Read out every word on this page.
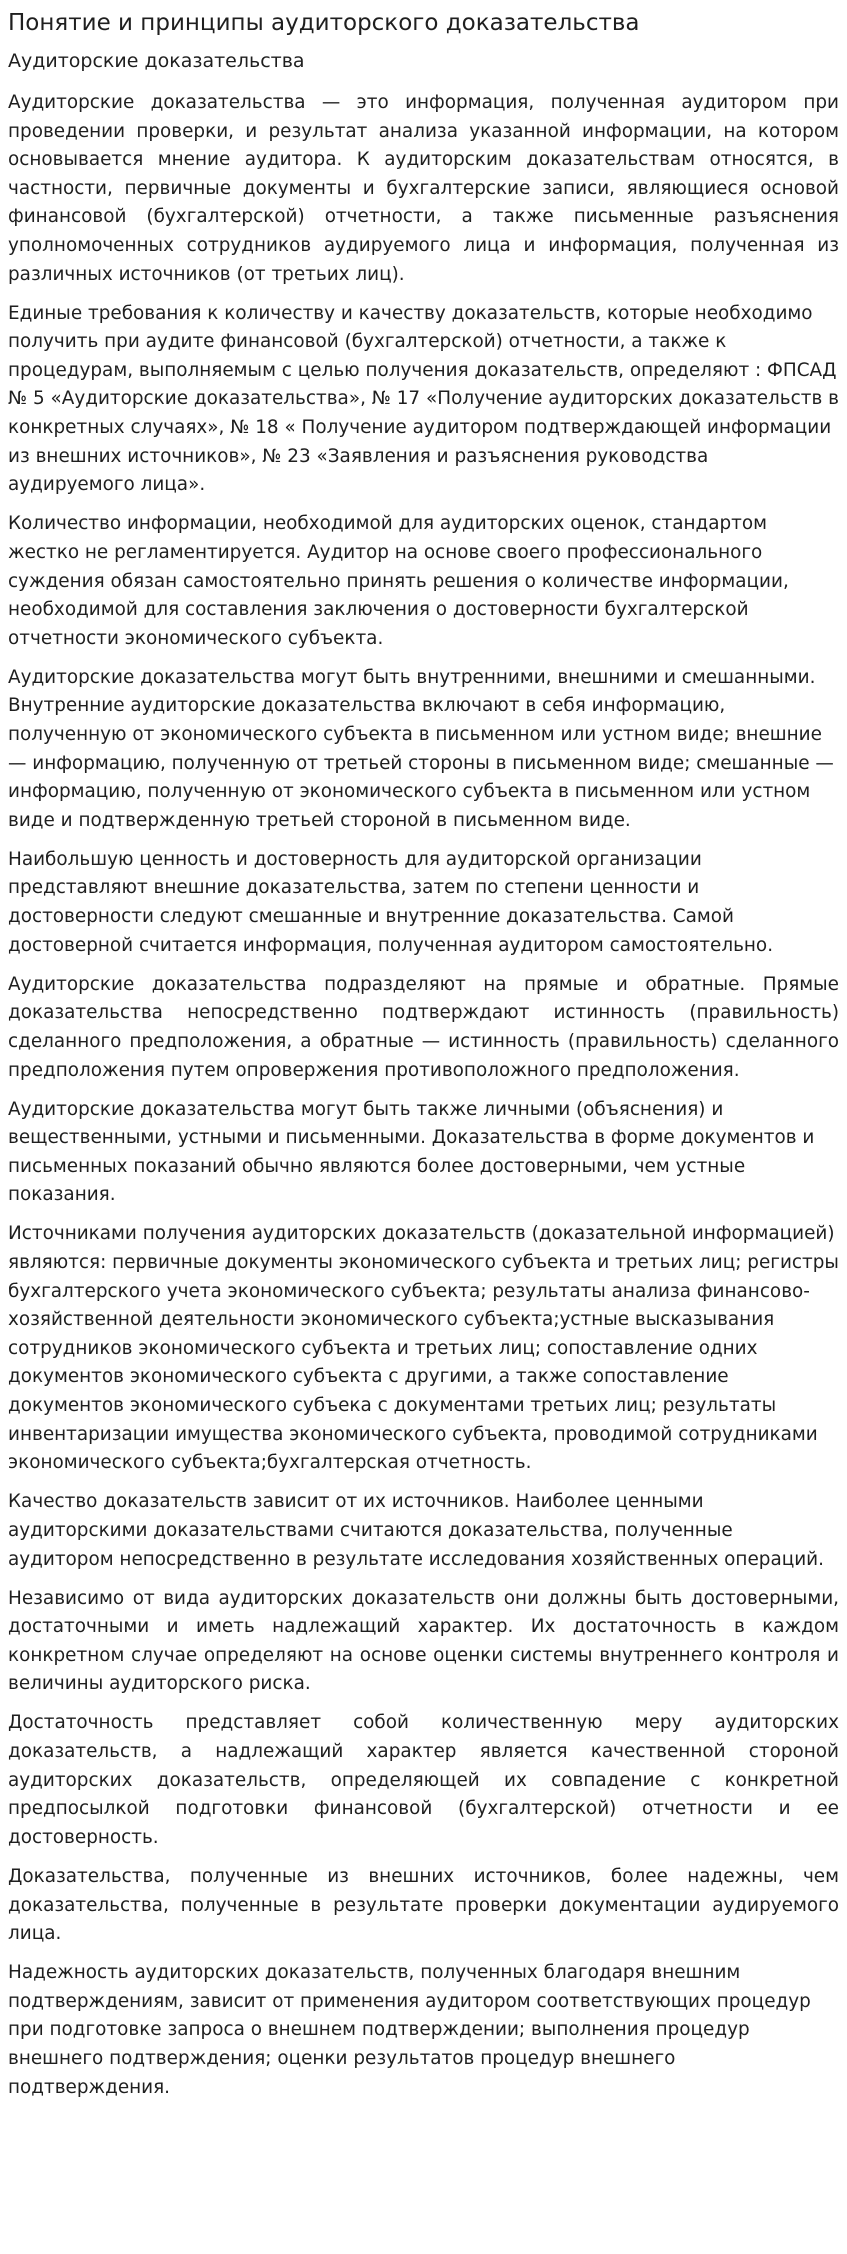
Понятие и принципы аудиторского доказательства
Аудиторские доказательства

Аудиторские доказательства — это информация, полученная аудитором при проведении проверки, и результат анализа указанной информации, на котором основывается мнение аудитора. К аудиторским доказательствам относятся, в частности, первичные документы и бухгалтерские записи, являющиеся основой финансовой (бухгалтерской) отчетности, а также письменные разъяснения уполномоченных сотрудников аудируемого лица и информация, полученная из различных источников (от третьих лиц).

Единые требования к количеству и качеству доказательств, которые необходимо получить при аудите финансовой (бухгалтерской) отчетности, а также к процедурам, выполняемым с целью получения доказательств, определяют : ФПСАД № 5 «Аудиторские доказательства», № 17 «Получение аудиторских доказательств в конкретных случаях», № 18 « Получение аудитором подтверждающей информации из внешних источников», № 23 «Заявления и разъяснения руководства аудируемого лица».

Количество информации, необходимой для аудиторских оценок, стандартом жестко не регламентируется. Аудитор на основе своего профессионального суждения обязан самостоятельно принять решения о количестве информации, необходимой для составления заключения о достоверности бухгалтерской отчетности экономического субъекта.

Аудиторские доказательства могут быть внутренними, внешними и смешанными. Внутренние аудиторские доказательства включают в себя информацию, полученную от экономического субъекта в письменном или устном виде; внешние — информацию, полученную от третьей стороны в письменном виде; смешанные — информацию, полученную от экономического субъекта в письменном или устном виде и подтвержденную третьей стороной в письменном виде.

Наибольшую ценность и достоверность для аудиторской организации представляют внешние доказательства, затем по степени ценности и достоверности следуют смешанные и внутренние доказательства. Самой достоверной считается информация, полученная аудитором самостоятельно.

Аудиторские доказательства подразделяют на прямые и обратные. Прямые доказательства непосредственно подтверждают истинность (правильность) сделанного предположения, а обратные — истинность (правильность) сделанного предположения путем опровержения противоположного предположения.

Аудиторские доказательства могут быть также личными (объяснения) и вещественными, устными и письменными. Доказательства в форме документов и письменных показаний обычно являются более достоверными, чем устные показания.

Источниками получения аудиторских доказательств (доказательной информацией) являются: первичные документы экономического субъекта и третьих лиц; регистры бухгалтерского учета экономического субъекта; результаты анализа финансово-хозяйственной деятельности экономического субъекта;устные высказывания сотрудников экономического субъекта и третьих лиц; сопоставление одних документов экономического субъекта с другими, а также сопоставление документов экономического субъека с документами третьих лиц; результаты инвентаризации имущества экономического субъекта, проводимой сотрудниками экономического субъекта;бухгалтерская отчетность.

Качество доказательств зависит от их источников. Наиболее ценными аудиторскими доказательствами считаются доказательства, полученные аудитором непосредственно в результате исследования хозяйственных операций.

Независимо от вида аудиторских доказательств они должны быть достоверными, достаточными и иметь надлежащий характер. Их достаточность в каждом конкретном случае определяют на основе оценки системы внутреннего контроля и величины аудиторского риска.

Достаточность представляет собой количественную меру аудиторских доказательств, а надлежащий характер является качественной стороной аудиторских доказательств, определяющей их совпадение с конкретной предпосылкой подготовки финансовой (бухгалтерской) отчетности и ее достоверность.

Доказательства, полученные из внешних источников, более надежны, чем доказательства, полученные в результате проверки документации аудируемого лица.

Надежность аудиторских доказательств, полученных благодаря внешним подтверждениям, зависит от применения аудитором соответствующих процедур при подготовке запроса о внешнем подтверждении; выполнения процедур внешнего подтверждения; оценки результатов процедур внешнего подтверждения.
